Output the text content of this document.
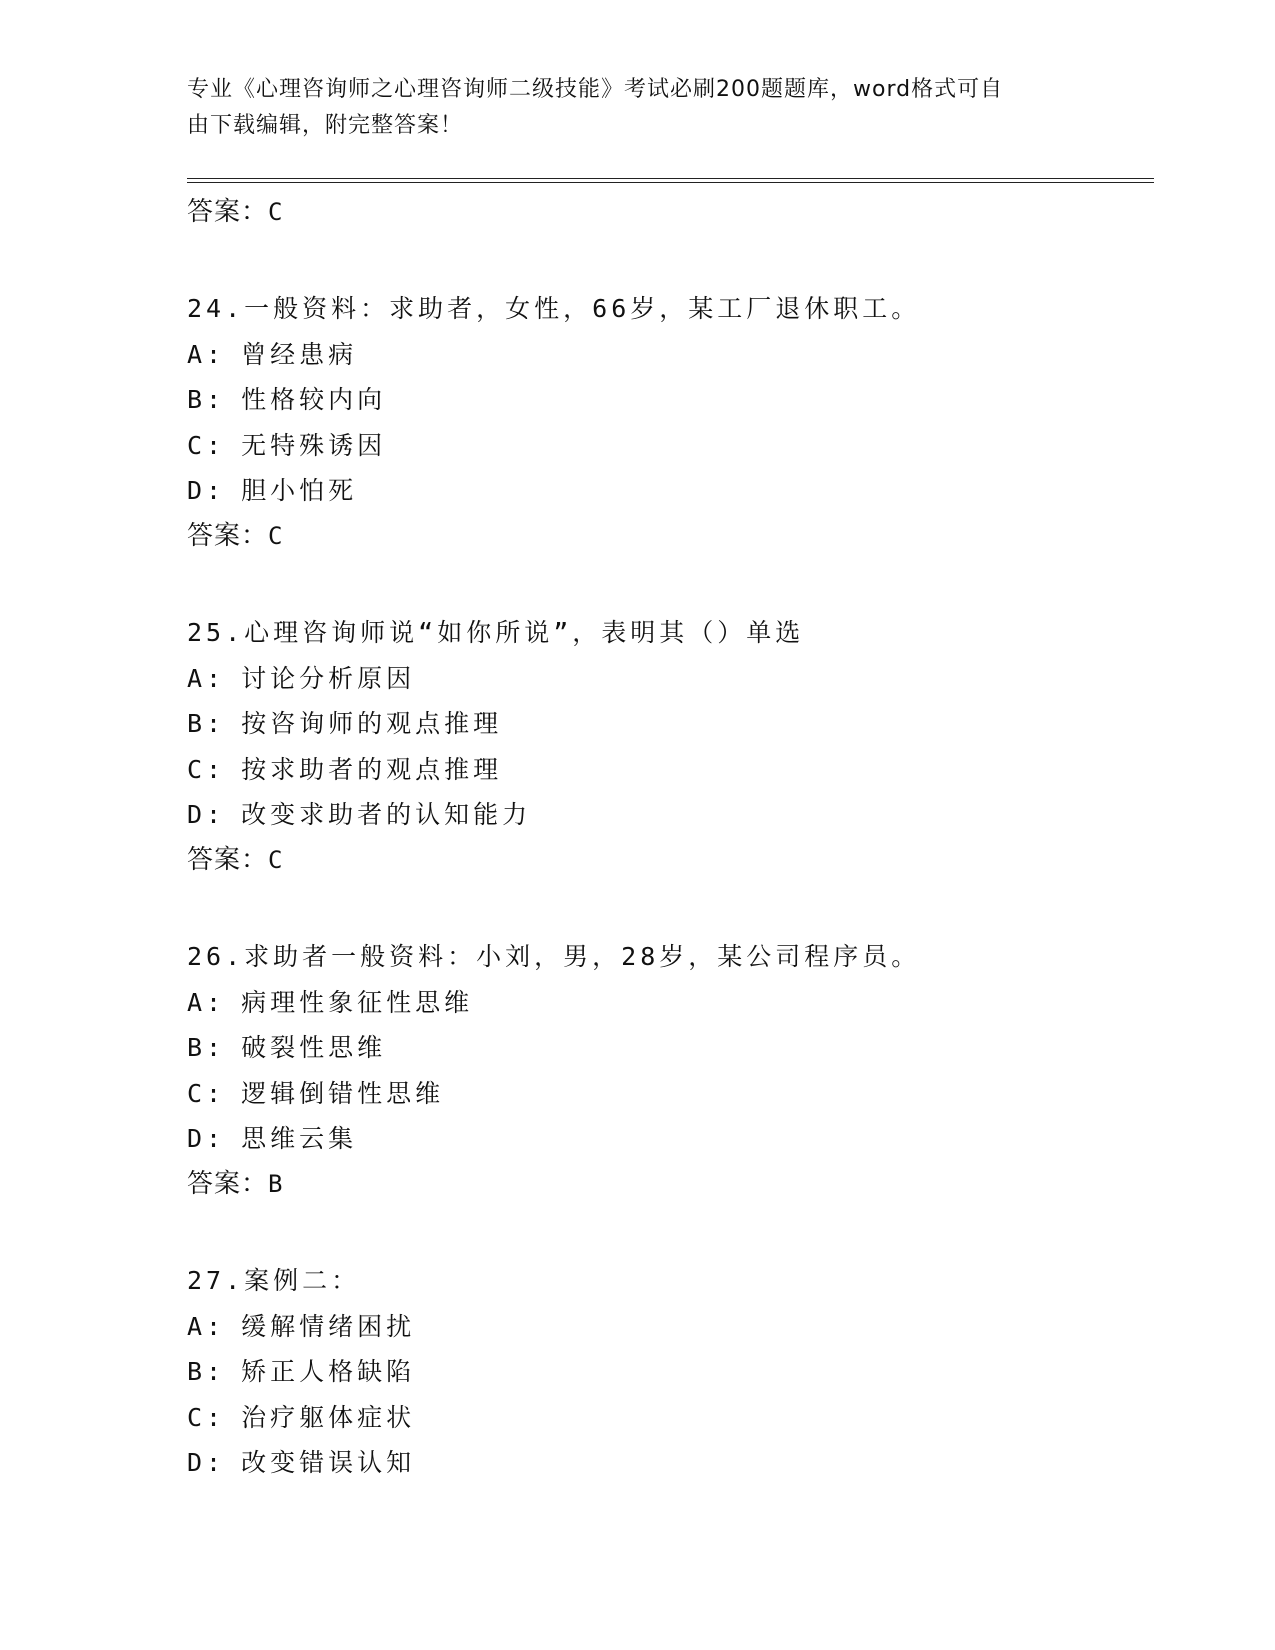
专业《心理咨询师之心理咨询师二级技能》考试必刷200题题库，word格式可自
由下载编辑，附完整答案！
答案：C
24.一般资料：求助者，女性，66岁，某工厂退休职工。
A: 曾经患病
B: 性格较内向
C: 无特殊诱因
D: 胆小怕死
答案：C
25.心理咨询师说“如你所说”，表明其（）单选
A: 讨论分析原因
B: 按咨询师的观点推理
C: 按求助者的观点推理
D: 改变求助者的认知能力
答案：C
26.求助者一般资料：小刘，男，28岁，某公司程序员。
A: 病理性象征性思维
B: 破裂性思维
C: 逻辑倒错性思维
D: 思维云集
答案：B
27.案例二：
A: 缓解情绪困扰
B: 矫正人格缺陷
C: 治疗躯体症状
D: 改变错误认知
